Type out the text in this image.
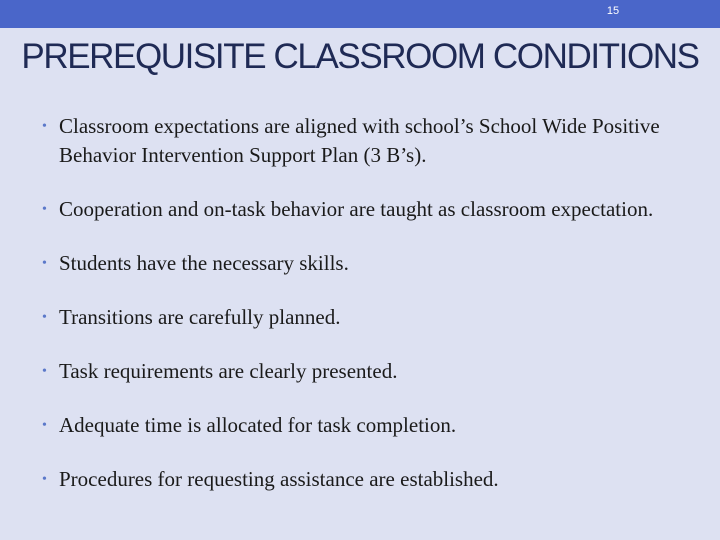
15
PREREQUISITE CLASSROOM CONDITIONS
• Classroom expectations are aligned with school’s School Wide Positive Behavior Intervention Support Plan (3 B’s).
• Cooperation and on-task behavior are taught as classroom expectation.
• Students have the necessary skills.
• Transitions are carefully planned.
• Task requirements are clearly presented.
• Adequate time is allocated for task completion.
• Procedures for requesting assistance are established.
